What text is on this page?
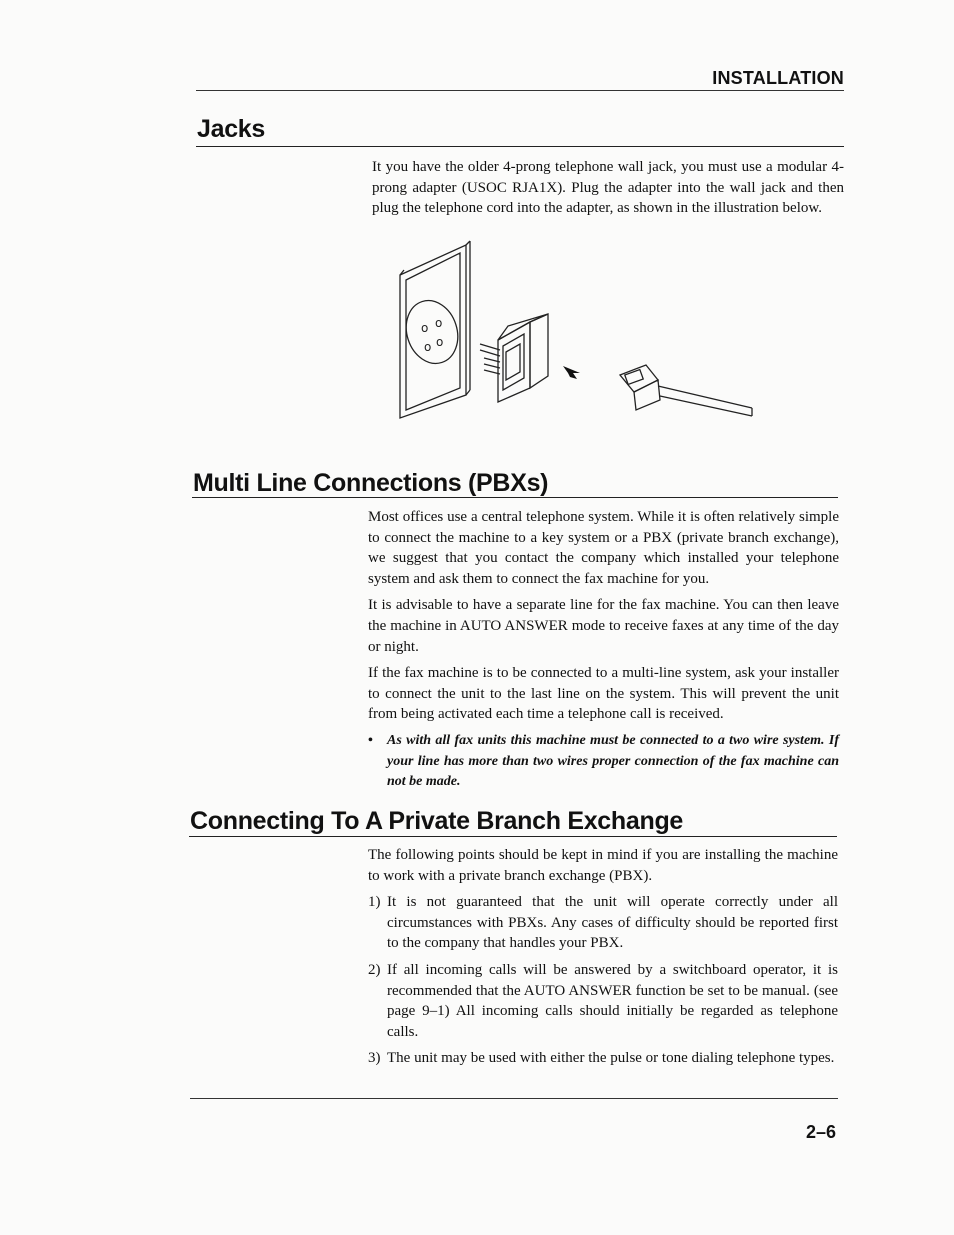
INSTALLATION
Jacks
It you have the older 4-prong telephone wall jack, you must use a modular 4-prong adapter (USOC RJA1X). Plug the adapter into the wall jack and then plug the telephone cord into the adapter, as shown in the illustration below.
o o
o o
Multi Line Connections (PBXs)

Most offices use a central telephone system. While it is often relatively simple to connect the machine to a key system or a PBX (private branch exchange), we suggest that you contact the company which installed your telephone system and ask them to connect the fax machine for you.

It is advisable to have a separate line for the fax machine. You can then leave the machine in AUTO ANSWER mode to receive faxes at any time of the day or night.

If the fax machine is to be connected to a multi-line system, ask your installer to connect the unit to the last line on the system. This will prevent the unit from being activated each time a telephone call is received.

• As with all fax units this machine must be connected to a two wire system. If your line has more than two wires proper connection of the fax machine can not be made.
Connecting To A Private Branch Exchange

The following points should be kept in mind if you are installing the machine to work with a private branch exchange (PBX).

1) It is not guaranteed that the unit will operate correctly under all circumstances with PBXs. Any cases of difficulty should be reported first to the company that handles your PBX.
2) If all incoming calls will be answered by a switchboard operator, it is recommended that the AUTO ANSWER function be set to be manual. (see page 9–1) All incoming calls should initially be regarded as telephone calls.
3) The unit may be used with either the pulse or tone dialing telephone types.
2–6
